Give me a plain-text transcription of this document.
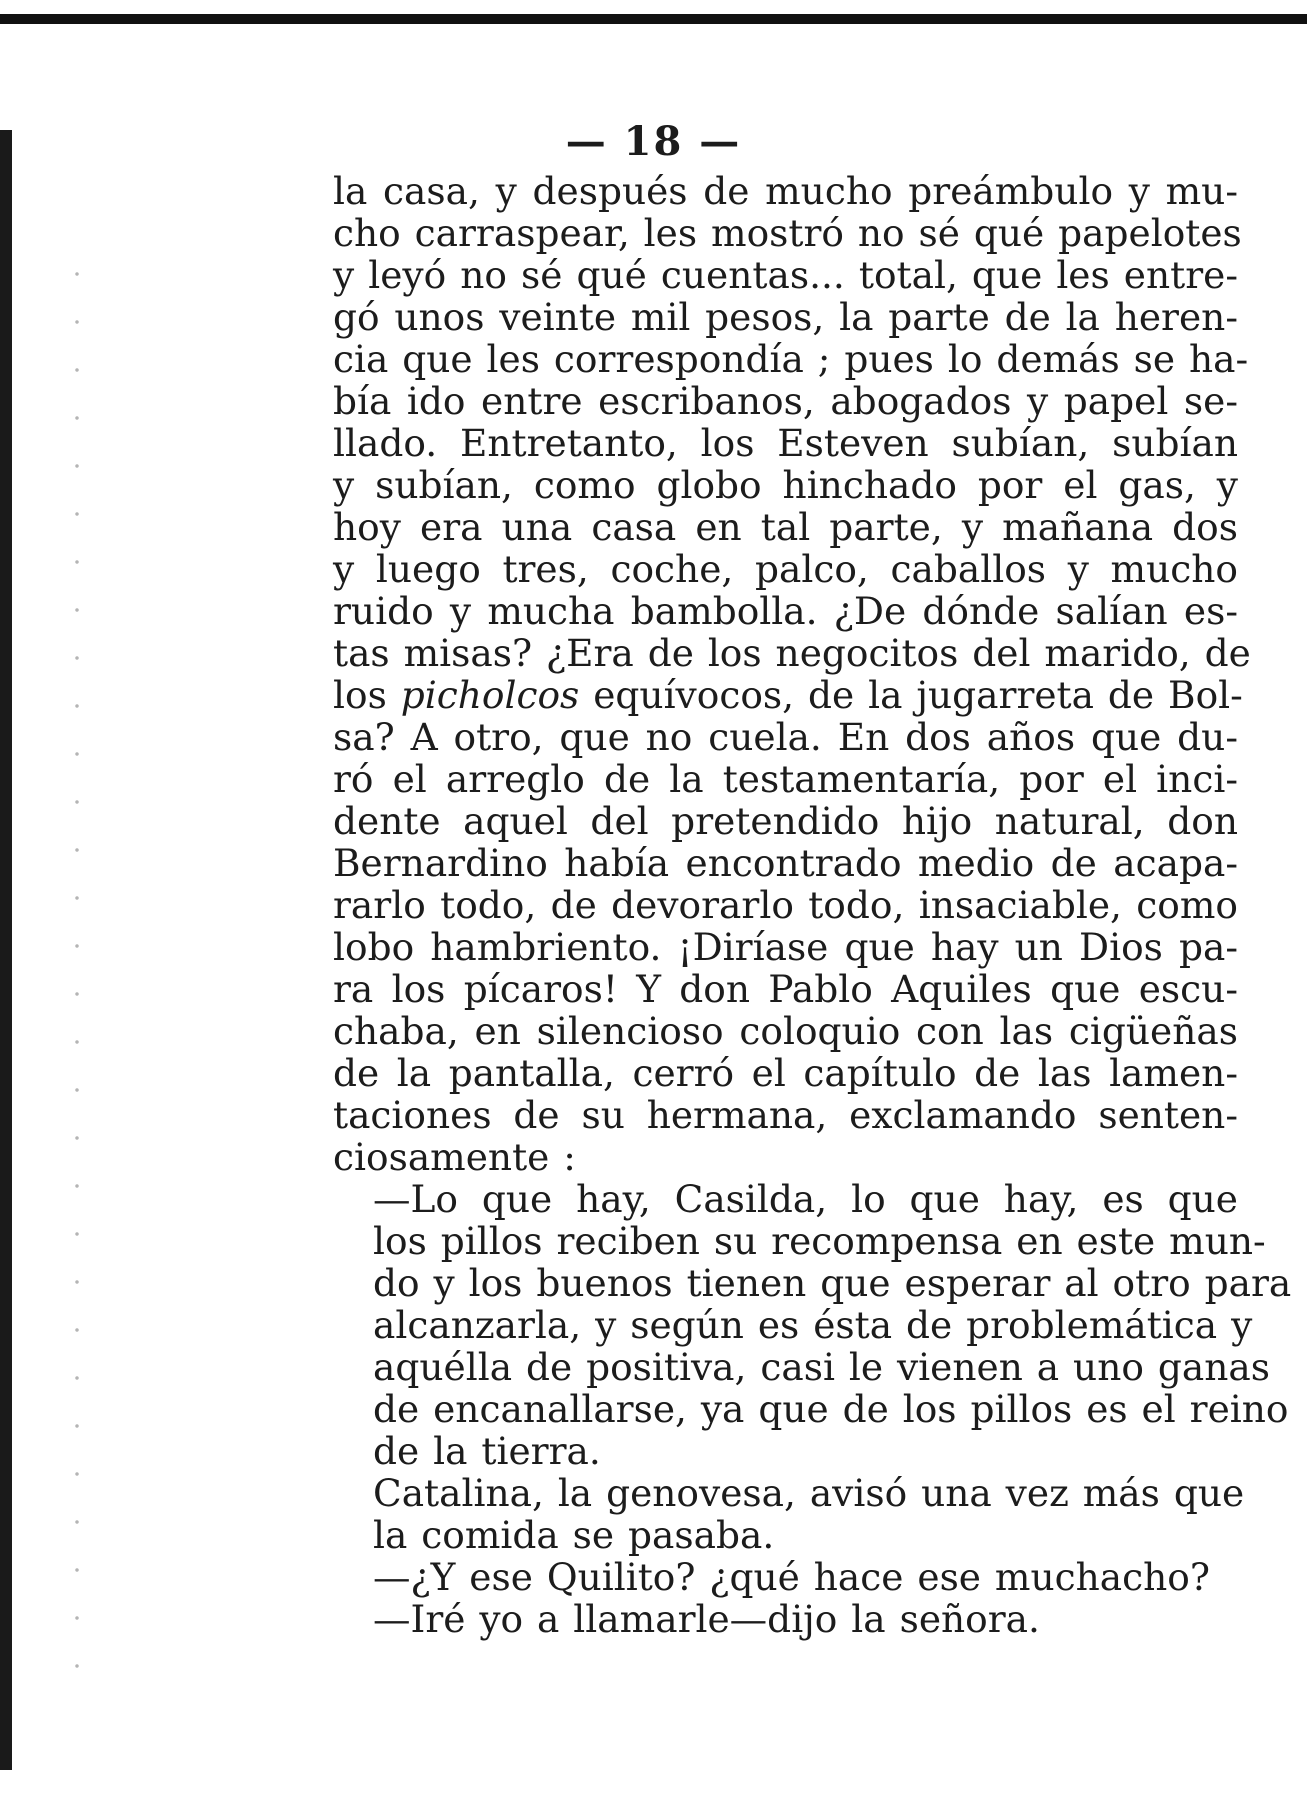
— 18 —

la casa, y después de mucho preámbulo y mu-
cho carraspear, les mostró no sé qué papelotes
y leyó no sé qué cuentas... total, que les entre-
gó unos veinte mil pesos, la parte de la heren-
cia que les correspondía ; pues lo demás se ha-
bía ido entre escribanos, abogados y papel se-
llado. Entretanto, los Esteven subían, subían
y subían, como globo hinchado por el gas, y
hoy era una casa en tal parte, y mañana dos
y luego tres, coche, palco, caballos y mucho
ruido y mucha bambolla. ¿De dónde salían es-
tas misas? ¿Era de los negocitos del marido, de
los picholcos equívocos, de la jugarreta de Bol-
sa? A otro, que no cuela. En dos años que du-
ró el arreglo de la testamentaría, por el inci-
dente aquel del pretendido hijo natural, don
Bernardino había encontrado medio de acapa-
rarlo todo, de devorarlo todo, insaciable, como
lobo hambriento. ¡Diríase que hay un Dios pa-
ra los pícaros! Y don Pablo Aquiles que escu-
chaba, en silencioso coloquio con las cigüeñas
de la pantalla, cerró el capítulo de las lamen-
taciones de su hermana, exclamando senten-
ciosamente :

—Lo que hay, Casilda, lo que hay, es que
los pillos reciben su recompensa en este mun-
do y los buenos tienen que esperar al otro para
alcanzarla, y según es ésta de problemática y
aquélla de positiva, casi le vienen a uno ganas
de encanallarse, ya que de los pillos es el reino
de la tierra.

Catalina, la genovesa, avisó una vez más que
la comida se pasaba.

—¿Y ese Quilito? ¿qué hace ese muchacho?

—Iré yo a llamarle—dijo la señora.
